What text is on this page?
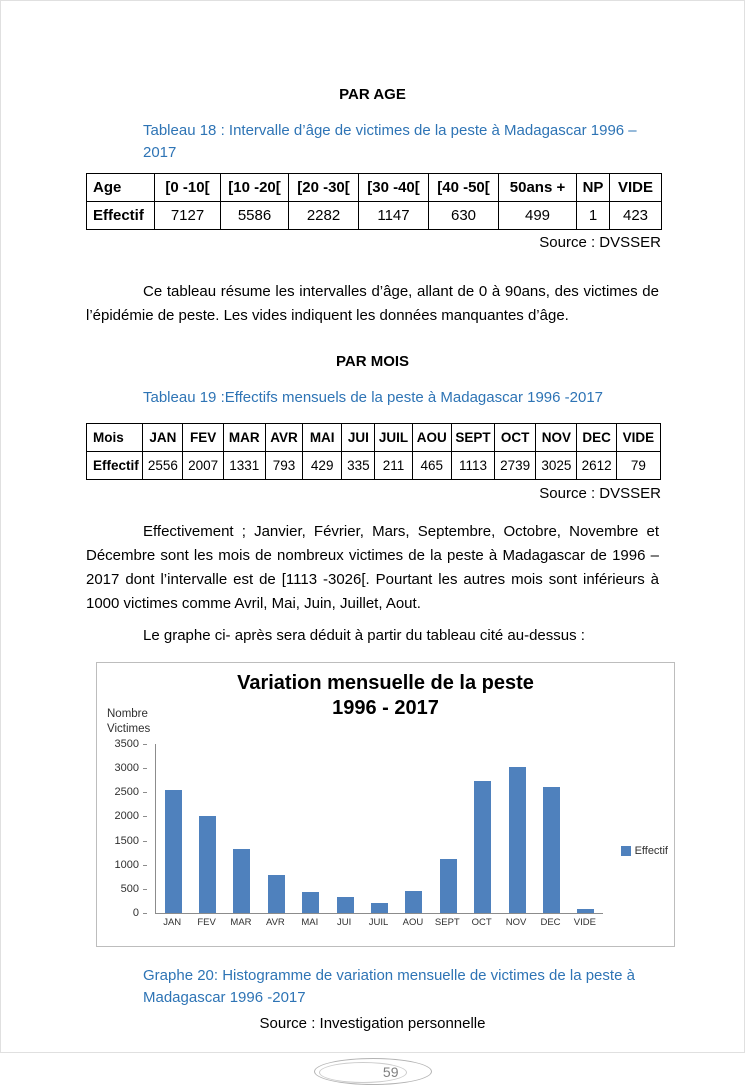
PAR AGE
Tableau 18 : Intervalle d’âge de victimes de la peste à Madagascar 1996 – 2017
Age	[0 -10[	[10 -20[	[20 -30[	[30 -40[	[40 -50[	50ans +	NP	VIDE
Effectif	7127	5586	2282	1147	630	499	1	423
Source : DVSSER

Ce tableau résume les intervalles d’âge, allant de 0 à 90ans, des victimes de l’épidémie de peste. Les vides indiquent les données manquantes d’âge.

PAR MOIS
Tableau 19 :Effectifs mensuels de la peste à Madagascar 1996 -2017
Mois	JAN	FEV	MAR	AVR	MAI	JUI	JUIL	AOU	SEPT	OCT	NOV	DEC	VIDE
Effectif	2556	2007	1331	793	429	335	211	465	1113	2739	3025	2612	79
Source : DVSSER

Effectivement ; Janvier, Février, Mars, Septembre, Octobre, Novembre et Décembre sont les mois de nombreux victimes de la peste à Madagascar de 1996 – 2017 dont l’intervalle est de [1113 -3026[. Pourtant les autres mois sont inférieurs à 1000 victimes comme Avril, Mai, Juin, Juillet, Aout.

Le graphe ci- après sera déduit à partir du tableau cité au-dessus :

Variation mensuelle de la peste
1996 - 2017
Nombre
Victimes
0
500
1000
1500
2000
2500
3000
3500
JAN	FEV	MAR	AVR	MAI	JUI	JUIL	AOU	SEPT	OCT	NOV	DEC	VIDE
Effectif
Graphe 20: Histogramme de variation mensuelle de victimes de la peste à Madagascar 1996 -2017
Source : Investigation personnelle
59
